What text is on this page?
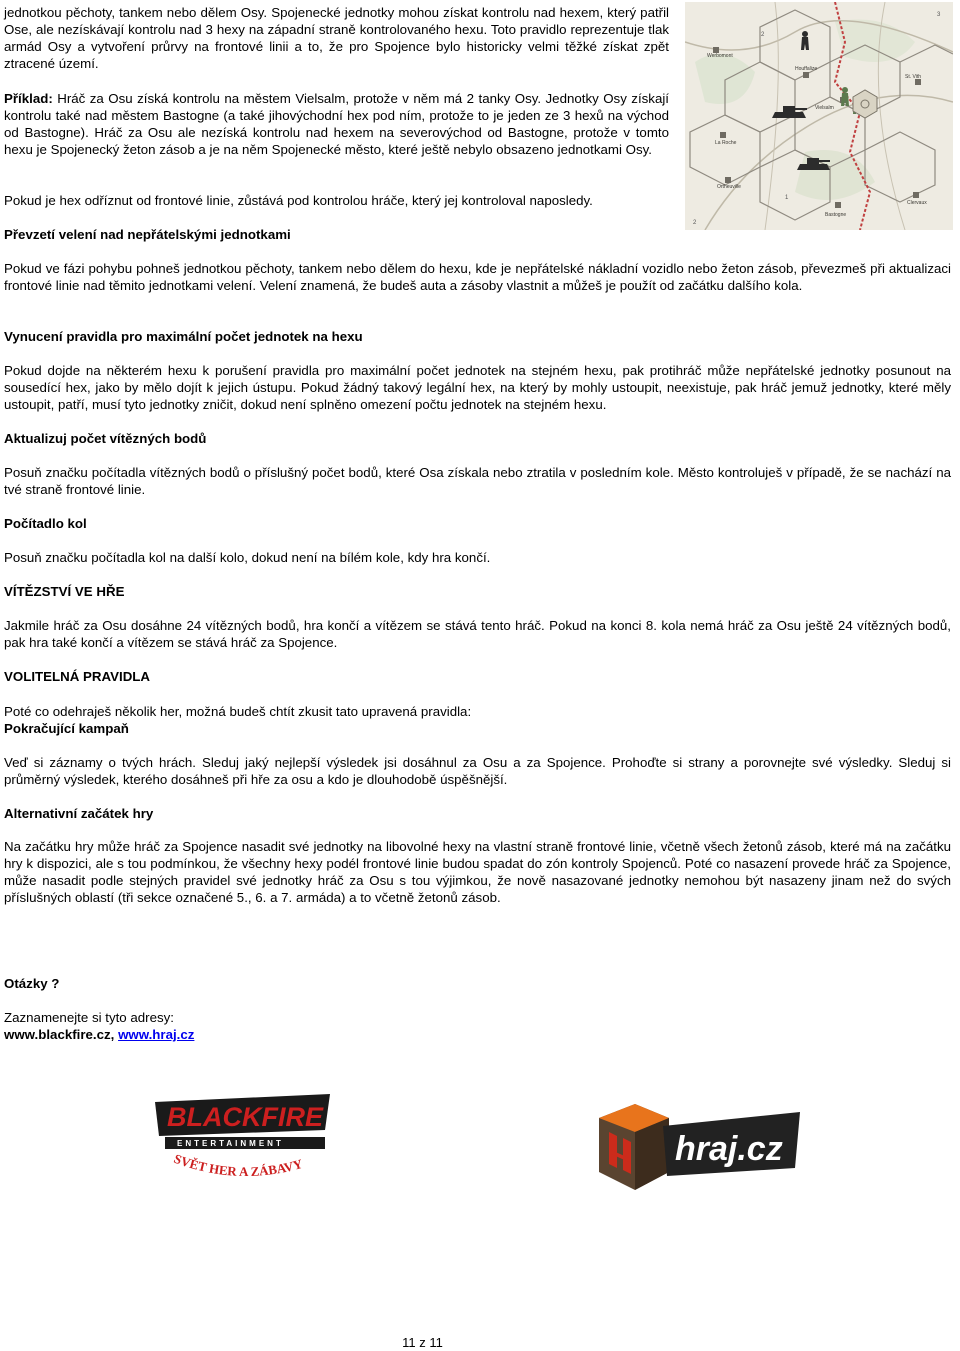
jednotkou pěchoty, tankem nebo dělem Osy. Spojenecké jednotky mohou získat kontrolu nad hexem, který patřil Ose, ale nezískávají kontrolu nad 3 hexy na západní straně kontrolovaného hexu. Toto pravidlo reprezentuje tlak armád Osy a vytvoření průrvy na frontové linii a to, že pro Spojence bylo historicky velmi těžké získat zpět ztracené území.

Příklad: Hráč za Osu získá kontrolu na městem Vielsalm, protože v něm má 2 tanky Osy. Jednotky Osy získají kontrolu také nad městem Bastogne (a také jihovýchodní hex pod ním, protože to je jeden ze 3 hexů na východ od Bastogne). Hráč za Osu ale nezíská kontrolu nad hexem na severovýchod od Bastogne, protože v tomto hexu je Spojenecký žeton zásob a je na něm Spojenecké město, které ještě nebylo obsazeno jednotkami Osy.

Pokud je hex odříznut od frontové linie, zůstává pod kontrolou hráče, který jej kontroloval naposledy.

Werbomont
Vielsalm
La Roche
St. Vith
Houffalize
Ortheuville
Bastogne
Clervaux
2
3
1
2
Převzetí velení nad nepřátelskými jednotkami

Pokud ve fázi pohybu pohneš jednotkou pěchoty, tankem nebo dělem do hexu, kde je nepřátelské nákladní vozidlo nebo žeton zásob, převezmeš při aktualizaci frontové linie nad těmito jednotkami velení. Velení znamená, že budeš auta a zásoby vlastnit a můžeš je použít od začátku dalšího kola.

Vynucení pravidla pro maximální počet jednotek na hexu

Pokud dojde na některém hexu k porušení pravidla pro maximální počet jednotek na stejném hexu, pak protihráč může nepřátelské jednotky posunout na sousedící hex, jako by mělo dojít k jejich ústupu. Pokud žádný takový legální hex, na který by mohly ustoupit, neexistuje, pak hráč jemuž jednotky, které měly ustoupit, patří, musí tyto jednotky zničit, dokud není splněno omezení počtu jednotek na stejném hexu.

Aktualizuj počet vítězných bodů

Posuň značku počítadla vítězných bodů o příslušný počet bodů, které Osa získala nebo ztratila v posledním kole. Město kontroluješ v případě, že se nachází na tvé straně frontové linie.

Počítadlo kol

Posuň značku počítadla kol na další kolo, dokud není na bílém kole, kdy hra končí.

VÍTĚZSTVÍ VE HŘE

Jakmile hráč za Osu dosáhne 24 vítězných bodů, hra končí a vítězem se stává tento hráč. Pokud na konci 8. kola nemá hráč za Osu ještě 24 vítězných bodů, pak hra také končí a vítězem se stává hráč za Spojence.

VOLITELNÁ PRAVIDLA

Poté co odehraješ několik her, možná budeš chtít zkusit tato upravená pravidla:

Pokračující kampaň

Veď si záznamy o tvých hrách. Sleduj jaký nejlepší výsledek jsi dosáhnul za Osu a za Spojence. Prohoďte si strany a porovnejte své výsledky. Sleduj si průměrný výsledek, kterého dosáhneš při hře za osu a kdo je dlouhodobě úspěšnější.

Alternativní začátek hry

Na začátku hry může hráč za Spojence nasadit své jednotky na libovolné hexy na vlastní straně frontové linie, včetně všech žetonů zásob, které má na začátku hry k dispozici, ale s tou podmínkou, že všechny hexy podél frontové linie budou spadat do zón kontroly Spojenců. Poté co nasazení provede hráč za Spojence, může nasadit podle stejných pravidel své jednotky hráč za Osu s tou výjimkou, že nově nasazované jednotky nemohou být nasazeny jinam než do svých příslušných oblastí (tři sekce označené 5., 6. a 7. armáda) a to včetně žetonů zásob.

Otázky ?

Zaznamenejte si tyto adresy:

www.blackfire.cz, www.hraj.cz

BLACKFIRE
ENTERTAINMENT
SVĚT HER A ZÁBAVY	hraj.cz
11 z 11
